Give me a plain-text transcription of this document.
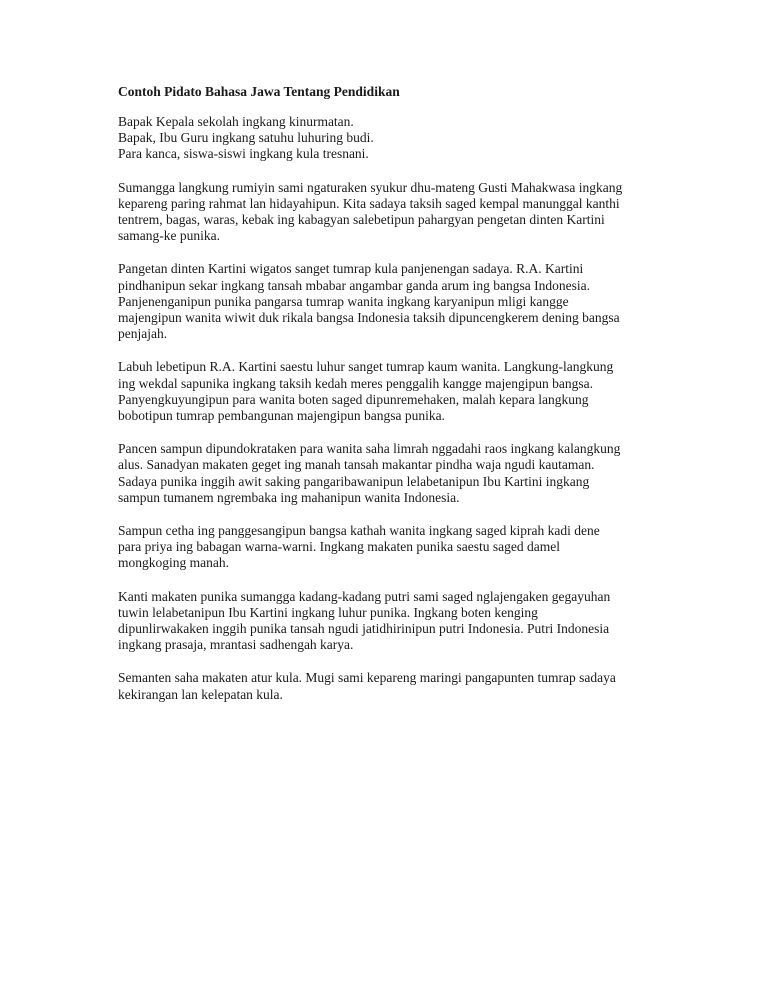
Contoh Pidato Bahasa Jawa Tentang Pendidikan
Bapak Kepala sekolah ingkang kinurmatan.
Bapak, Ibu Guru ingkang satuhu luhuring budi.
Para kanca, siswa-siswi ingkang kula tresnani.
Sumangga langkung rumiyin sami ngaturaken syukur dhu-mateng Gusti Mahakwasa ingkang
kepareng paring rahmat lan hidayahipun. Kita sadaya taksih saged kempal manunggal kanthi
tentrem, bagas, waras, kebak ing kabagyan salebetipun pahargyan pengetan dinten Kartini
samang-ke punika.
Pangetan dinten Kartini wigatos sanget tumrap kula panjenengan sadaya. R.A. Kartini
pindhanipun sekar ingkang tansah mbabar angambar ganda arum ing bangsa Indonesia.
Panjenenganipun punika pangarsa tumrap wanita ingkang karyanipun mligi kangge
majengipun wanita wiwit duk rikala bangsa Indonesia taksih dipuncengkerem dening bangsa
penjajah.
Labuh lebetipun R.A. Kartini saestu luhur sanget tumrap kaum wanita. Langkung-langkung
ing wekdal sapunika ingkang taksih kedah meres penggalih kangge majengipun bangsa.
Panyengkuyungipun para wanita boten saged dipunremehaken, malah kepara langkung
bobotipun tumrap pembangunan majengipun bangsa punika.
Pancen sampun dipundokrataken para wanita saha limrah nggadahi raos ingkang kalangkung
alus. Sanadyan makaten geget ing manah tansah makantar pindha waja ngudi kautaman.
Sadaya punika inggih awit saking pangaribawanipun lelabetanipun Ibu Kartini ingkang
sampun tumanem ngrembaka ing mahanipun wanita Indonesia.
Sampun cetha ing panggesangipun bangsa kathah wanita ingkang saged kiprah kadi dene
para priya ing babagan warna-warni. Ingkang makaten punika saestu saged damel
mongkoging manah.
Kanti makaten punika sumangga kadang-kadang putri sami saged nglajengaken gegayuhan
tuwin lelabetanipun Ibu Kartini ingkang luhur punika. Ingkang boten kenging
dipunlirwakaken inggih punika tansah ngudi jatidhirinipun putri Indonesia. Putri Indonesia
ingkang prasaja, mrantasi sadhengah karya.
Semanten saha makaten atur kula. Mugi sami kepareng maringi pangapunten tumrap sadaya
kekirangan lan kelepatan kula.
